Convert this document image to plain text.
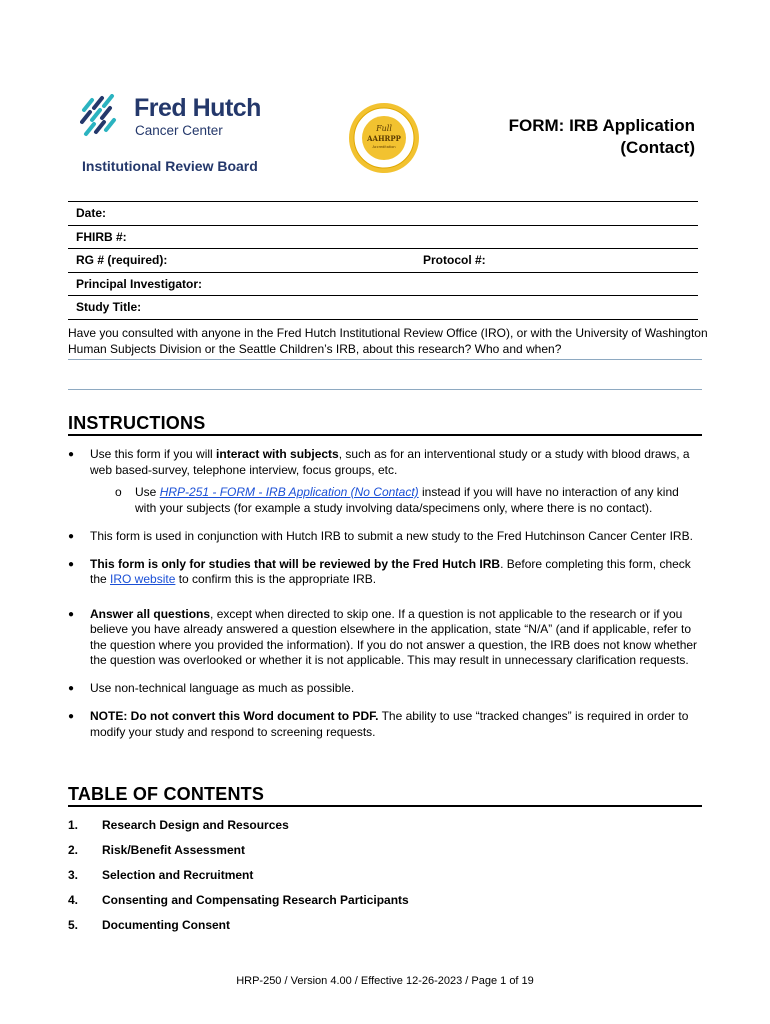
Fred Hutch
Cancer Center
Institutional Review Board
Full
AAHRPP
Accreditation
FORM: IRB Application
(Contact)
Date:
FHIRB #:
RG # (required):	Protocol #:
Principal Investigator:
Study Title:
Have you consulted with anyone in the Fred Hutch Institutional Review Office (IRO), or with the University of Washington Human Subjects Division or the Seattle Children’s IRB, about this research? Who and when?
INSTRUCTIONS
● Use this form if you will interact with subjects, such as for an interventional study or a study with blood draws, a web based-survey, telephone interview, focus groups, etc.
o Use HRP-251 - FORM - IRB Application (No Contact) instead if you will have no interaction of any kind with your subjects (for example a study involving data/specimens only, where there is no contact).
● This form is used in conjunction with Hutch IRB to submit a new study to the Fred Hutchinson Cancer Center IRB.
● This form is only for studies that will be reviewed by the Fred Hutch IRB. Before completing this form, check the IRO website to confirm this is the appropriate IRB.
● Answer all questions, except when directed to skip one. If a question is not applicable to the research or if you believe you have already answered a question elsewhere in the application, state “N/A” (and if applicable, refer to the question where you provided the information). If you do not answer a question, the IRB does not know whether the question was overlooked or whether it is not applicable. This may result in unnecessary clarification requests.
● Use non-technical language as much as possible.
● NOTE: Do not convert this Word document to PDF. The ability to use “tracked changes” is required in order to modify your study and respond to screening requests.
TABLE OF CONTENTS
1. Research Design and Resources
2. Risk/Benefit Assessment
3. Selection and Recruitment
4. Consenting and Compensating Research Participants
5. Documenting Consent
HRP-250 / Version 4.00 / Effective 12-26-2023 / Page 1 of 19
